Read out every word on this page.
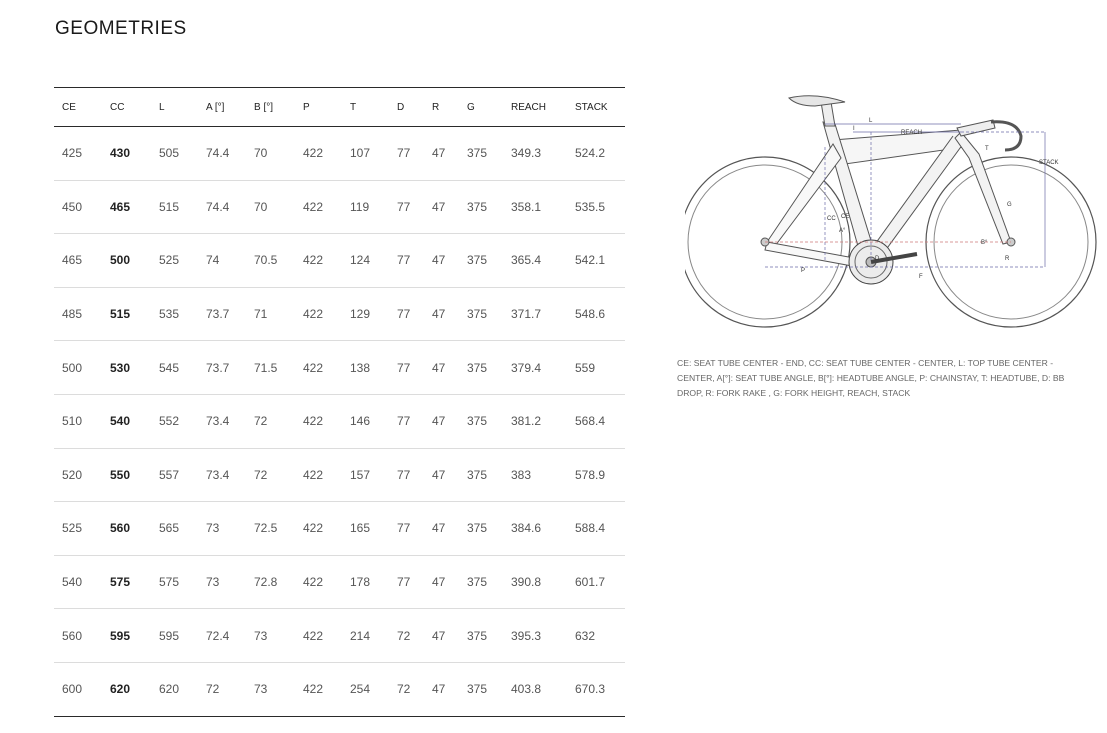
GEOMETRIES
CE	CC	L	A [°]	B [°]	P	T	D	R	G	REACH	STACK
425	430	505	74.4	70	422	107	77	47	375	349.3	524.2
450	465	515	74.4	70	422	119	77	47	375	358.1	535.5
465	500	525	74	70.5	422	124	77	47	375	365.4	542.1
485	515	535	73.7	71	422	129	77	47	375	371.7	548.6
500	530	545	73.7	71.5	422	138	77	47	375	379.4	559
510	540	552	73.4	72	422	146	77	47	375	381.2	568.4
520	550	557	73.4	72	422	157	77	47	375	383	578.9
525	560	565	73	72.5	422	165	77	47	375	384.6	588.4
540	575	575	73	72.8	422	178	77	47	375	390.8	601.7
560	595	595	72.4	73	422	214	72	47	375	395.3	632
600	620	620	72	73	422	254	72	47	375	403.8	670.3
L
I
REACH
STACK
T
G
CC CE
A°
B°
D	R
P
F
CE: SEAT TUBE CENTER - END, CC: SEAT TUBE CENTER - CENTER, L: TOP TUBE CENTER - CENTER, A[°]: SEAT TUBE ANGLE, B[°]: HEADTUBE ANGLE, P: CHAINSTAY, T: HEADTUBE, D: BB DROP, R: FORK RAKE , G: FORK HEIGHT, REACH, STACK
